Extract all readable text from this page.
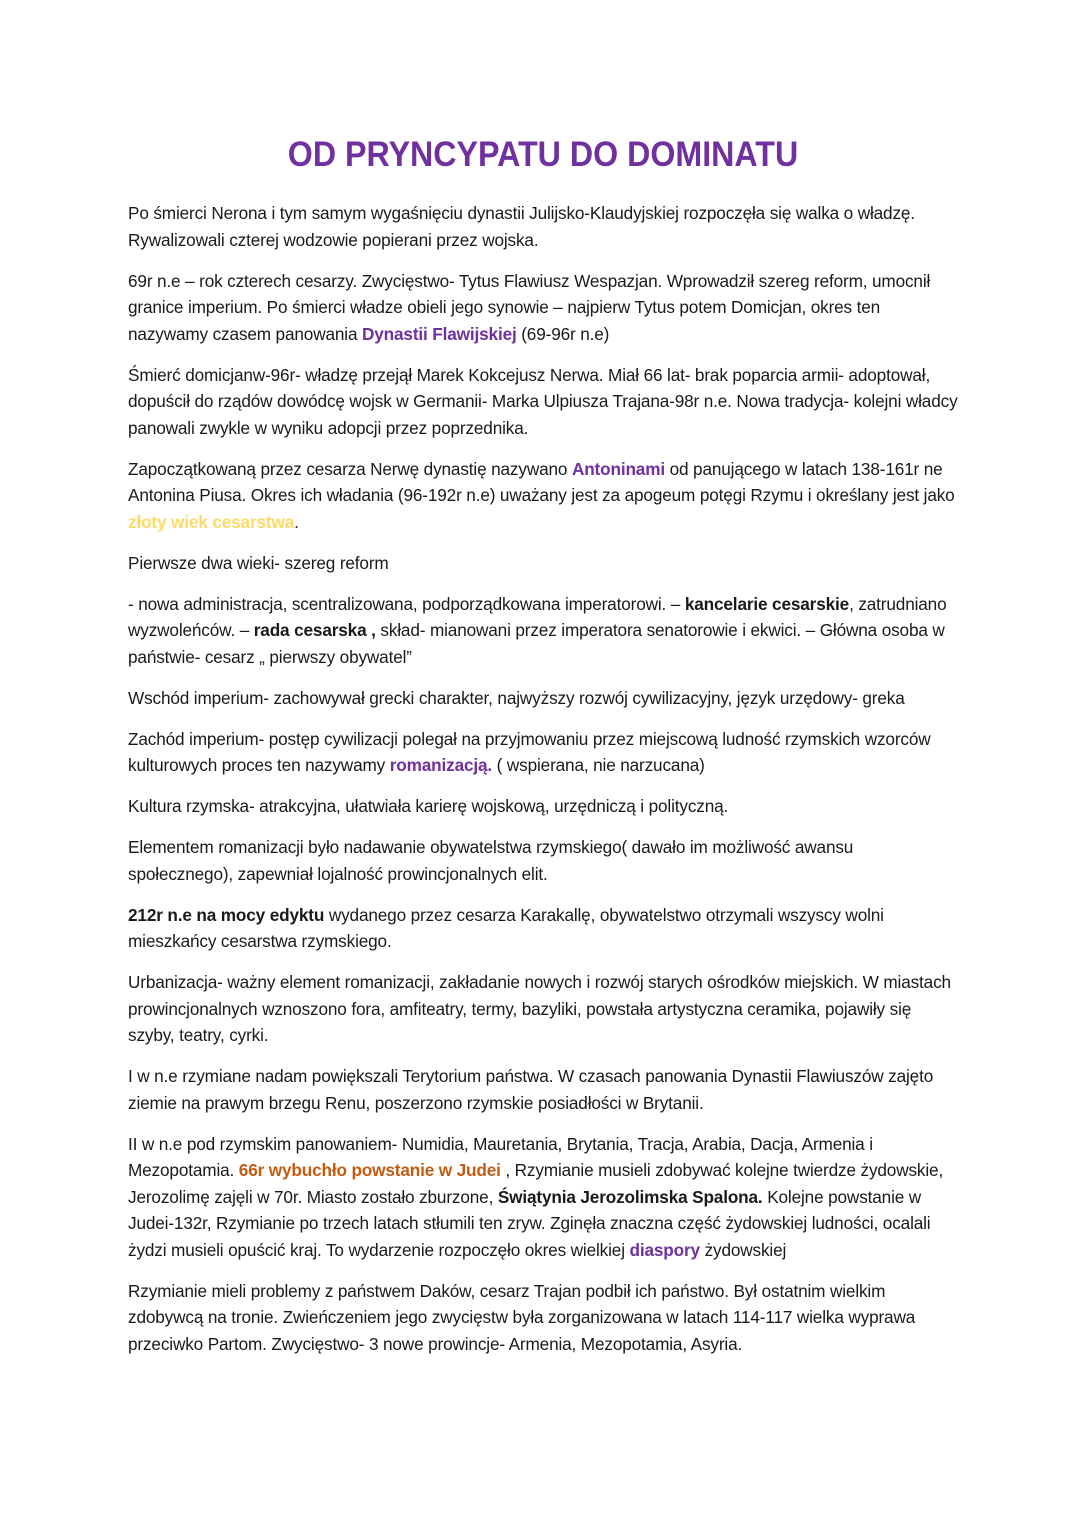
OD PRYNCYPATU DO DOMINATU

Po śmierci Nerona i tym samym wygaśnięciu dynastii Julijsko-Klaudyjskiej rozpoczęła się walka o władzę. Rywalizowali czterej wodzowie popierani przez wojska.

69r n.e – rok czterech cesarzy. Zwycięstwo- Tytus Flawiusz Wespazjan. Wprowadził szereg reform, umocnił granice imperium. Po śmierci władze obieli jego synowie – najpierw Tytus potem Domicjan, okres ten nazywamy czasem panowania Dynastii Flawijskiej (69-96r n.e)

Śmierć domicjanw-96r- władzę przejął Marek Kokcejusz Nerwa. Miał 66 lat- brak poparcia armii- adoptował, dopuścił do rządów dowódcę wojsk w Germanii- Marka Ulpiusza Trajana-98r n.e. Nowa tradycja- kolejni władcy panowali zwykle w wyniku adopcji przez poprzednika.

Zapoczątkowaną przez cesarza Nerwę dynastię nazywano Antoninami od panującego w latach 138-161r ne Antonina Piusa. Okres ich władania (96-192r n.e) uważany jest za apogeum potęgi Rzymu i określany jest jako złoty wiek cesarstwa.

Pierwsze dwa wieki- szereg reform

- nowa administracja, scentralizowana, podporządkowana imperatorowi. – kancelarie cesarskie, zatrudniano wyzwoleńców. – rada cesarska , skład- mianowani przez imperatora senatorowie i ekwici. – Główna osoba w państwie- cesarz „ pierwszy obywatel”

Wschód imperium- zachowywał grecki charakter, najwyższy rozwój cywilizacyjny, język urzędowy- greka

Zachód imperium- postęp cywilizacji polegał na przyjmowaniu przez miejscową ludność rzymskich wzorców kulturowych proces ten nazywamy romanizacją. ( wspierana, nie narzucana)

Kultura rzymska- atrakcyjna, ułatwiała karierę wojskową, urzędniczą i polityczną.

Elementem romanizacji było nadawanie obywatelstwa rzymskiego( dawało im możliwość awansu społecznego), zapewniał lojalność prowincjonalnych elit.

212r n.e na mocy edyktu wydanego przez cesarza Karakallę, obywatelstwo otrzymali wszyscy wolni mieszkańcy cesarstwa rzymskiego.

Urbanizacja- ważny element romanizacji, zakładanie nowych i rozwój starych ośrodków miejskich. W miastach prowincjonalnych wznoszono fora, amfiteatry, termy, bazyliki, powstała artystyczna ceramika, pojawiły się szyby, teatry, cyrki.

I w n.e rzymiane nadam powiększali Terytorium państwa. W czasach panowania Dynastii Flawiuszów zajęto ziemie na prawym brzegu Renu, poszerzono rzymskie posiadłości w Brytanii.

II w n.e pod rzymskim panowaniem- Numidia, Mauretania, Brytania, Tracja, Arabia, Dacja, Armenia i Mezopotamia. 66r wybuchło powstanie w Judei , Rzymianie musieli zdobywać kolejne twierdze żydowskie, Jerozolimę zajęli w 70r. Miasto zostało zburzone, Świątynia Jerozolimska Spalona. Kolejne powstanie w Judei-132r, Rzymianie po trzech latach stłumili ten zryw. Zginęła znaczna część żydowskiej ludności, ocalali żydzi musieli opuścić kraj. To wydarzenie rozpoczęło okres wielkiej diaspory żydowskiej

Rzymianie mieli problemy z państwem Daków, cesarz Trajan podbił ich państwo. Był ostatnim wielkim zdobywcą na tronie. Zwieńczeniem jego zwycięstw była zorganizowana w latach 114-117 wielka wyprawa przeciwko Partom. Zwycięstwo- 3 nowe prowincje- Armenia, Mezopotamia, Asyria.
